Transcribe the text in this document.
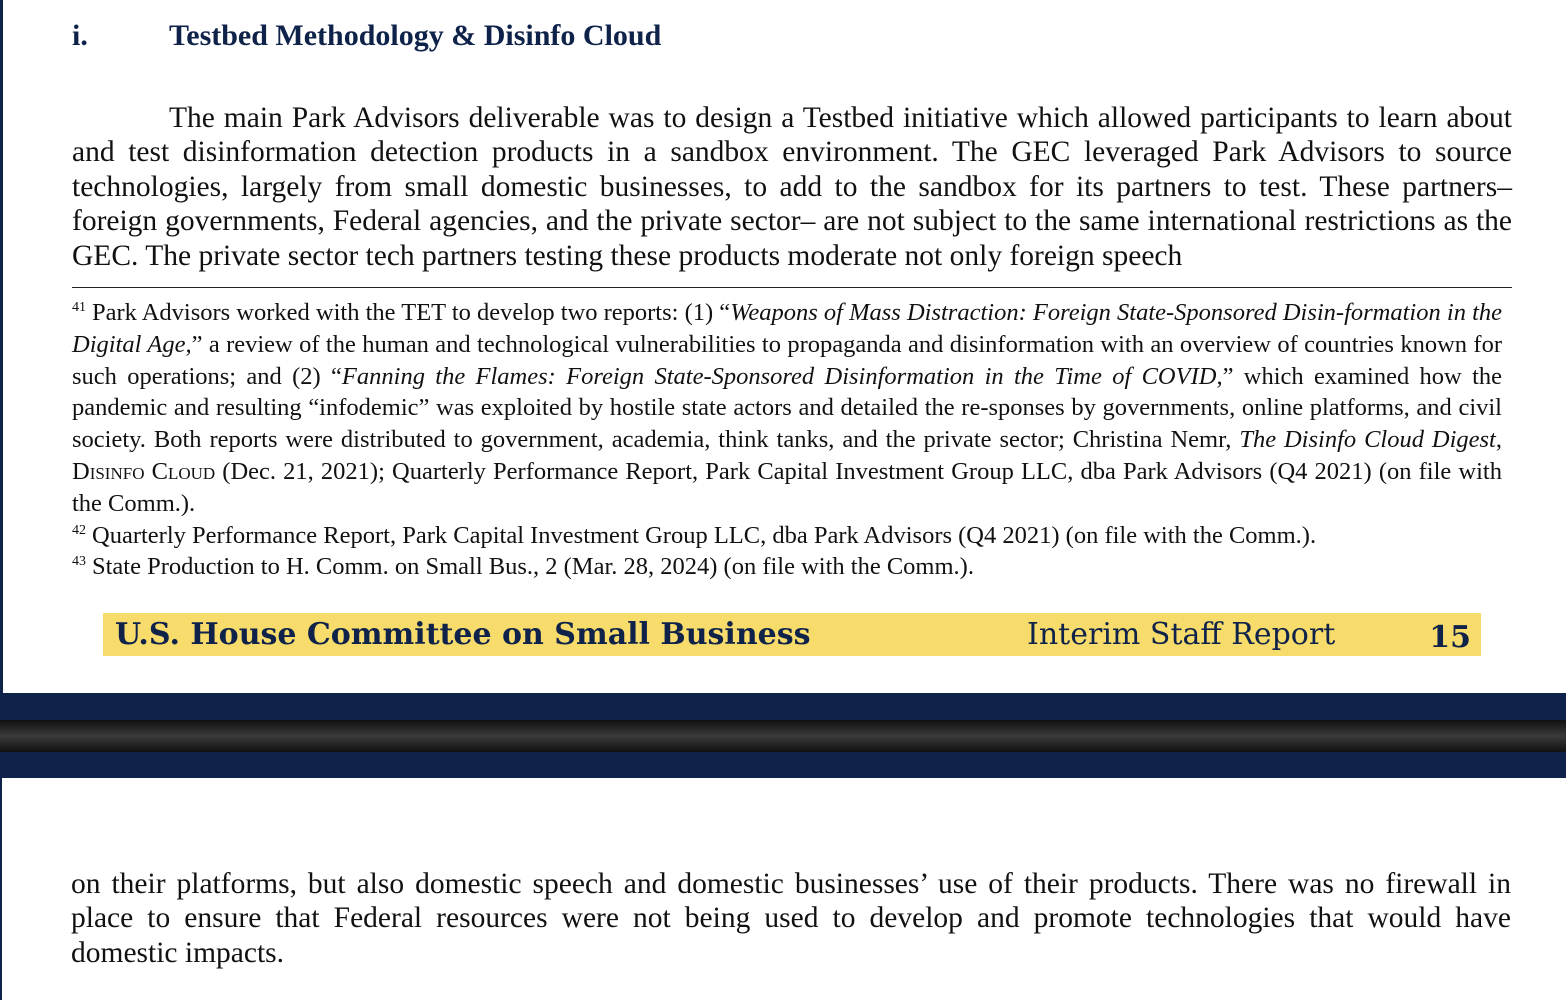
i.	Testbed Methodology & Disinfo Cloud

The main Park Advisors deliverable was to design a Testbed initiative which allowed participants to learn about and test disinformation detection products in a sandbox environment. The GEC leveraged Park Advisors to source technologies, largely from small domestic businesses, to add to the sandbox for its partners to test. These partners– foreign governments, Federal agencies, and the private sector– are not subject to the same international restrictions as the GEC. The private sector tech partners testing these products moderate not only foreign speech

$^{41}$ Park Advisors worked with the TET to develop two reports: (1) “Weapons of Mass Distraction: Foreign State-Sponsored Disin-formation in the Digital Age,” a review of the human and technological vulnerabilities to propaganda and disinformation with an overview of countries known for such operations; and (2) “Fanning the Flames: Foreign State-Sponsored Disinformation in the Time of COVID,” which examined how the pandemic and resulting “infodemic” was exploited by hostile state actors and detailed the re-sponses by governments, online platforms, and civil society. Both reports were distributed to government, academia, think tanks, and the private sector; Christina Nemr, The Disinfo Cloud Digest, Disinfo Cloud (Dec. 21, 2021); Quarterly Performance Report, Park Capital Investment Group LLC, dba Park Advisors (Q4 2021) (on file with the Comm.).

$^{42}$ Quarterly Performance Report, Park Capital Investment Group LLC, dba Park Advisors (Q4 2021) (on file with the Comm.).

$^{43}$ State Production to H. Comm. on Small Bus., 2 (Mar. 28, 2024) (on file with the Comm.).

U.S. House Committee on Small Business	Interim Staff Report	15

on their platforms, but also domestic speech and domestic businesses’ use of their products. There was no firewall in place to ensure that Federal resources were not being used to develop and promote technologies that would have domestic impacts.
